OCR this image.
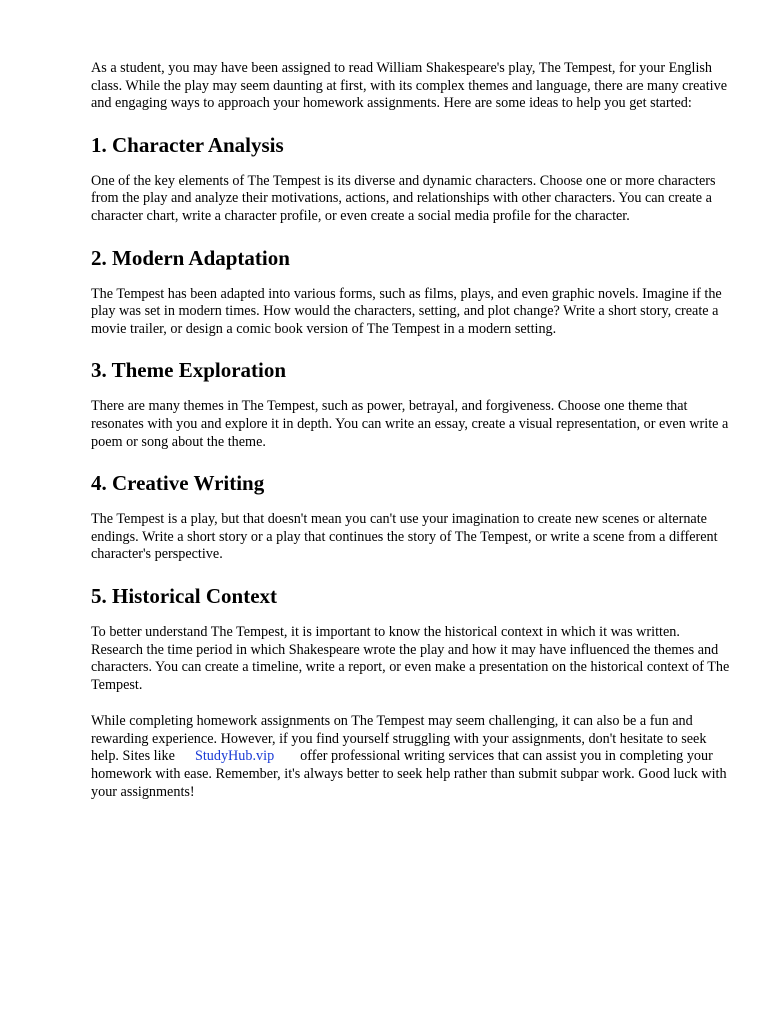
As a student, you may have been assigned to read William Shakespeare's play, The Tempest, for your English class. While the play may seem daunting at first, with its complex themes and language, there are many creative and engaging ways to approach your homework assignments. Here are some ideas to help you get started:

1. Character Analysis

One of the key elements of The Tempest is its diverse and dynamic characters. Choose one or more characters from the play and analyze their motivations, actions, and relationships with other characters. You can create a character chart, write a character profile, or even create a social media profile for the character.

2. Modern Adaptation

The Tempest has been adapted into various forms, such as films, plays, and even graphic novels. Imagine if the play was set in modern times. How would the characters, setting, and plot change? Write a short story, create a movie trailer, or design a comic book version of The Tempest in a modern setting.

3. Theme Exploration

There are many themes in The Tempest, such as power, betrayal, and forgiveness. Choose one theme that resonates with you and explore it in depth. You can write an essay, create a visual representation, or even write a poem or song about the theme.

4. Creative Writing

The Tempest is a play, but that doesn't mean you can't use your imagination to create new scenes or alternate endings. Write a short story or a play that continues the story of The Tempest, or write a scene from a different character's perspective.

5. Historical Context

To better understand The Tempest, it is important to know the historical context in which it was written. Research the time period in which Shakespeare wrote the play and how it may have influenced the themes and characters. You can create a timeline, write a report, or even make a presentation on the historical context of The Tempest.

While completing homework assignments on The Tempest may seem challenging, it can also be a fun and rewarding experience. However, if you find yourself struggling with your assignments, don't hesitate to seek help. Sites like StudyHub.vip offer professional writing services that can assist you in completing your homework with ease. Remember, it's always better to seek help rather than submit subpar work. Good luck with your assignments!
